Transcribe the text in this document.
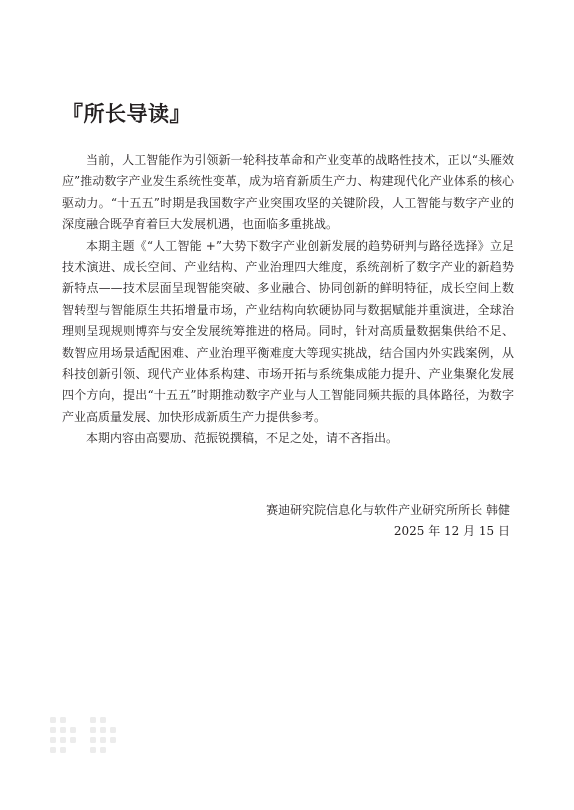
『所长导读』

当前，人工智能作为引领新一轮科技革命和产业变革的战略性技术，正以“头雁效应”推动数字产业发生系统性变革，成为培育新质生产力、构建现代化产业体系的核心驱动力。“十五五”时期是我国数字产业突围攻坚的关键阶段，人工智能与数字产业的深度融合既孕育着巨大发展机遇，也面临多重挑战。

本期主题《“人工智能 +”大势下数字产业创新发展的趋势研判与路径选择》立足技术演进、成长空间、产业结构、产业治理四大维度，系统剖析了数字产业的新趋势新特点——技术层面呈现智能突破、多业融合、协同创新的鲜明特征，成长空间上数智转型与智能原生共拓增量市场，产业结构向软硬协同与数据赋能并重演进，全球治理则呈现规则博弈与安全发展统筹推进的格局。同时，针对高质量数据集供给不足、数智应用场景适配困难、产业治理平衡难度大等现实挑战，结合国内外实践案例，从科技创新引领、现代产业体系构建、市场开拓与系统集成能力提升、产业集聚化发展四个方向，提出“十五五”时期推动数字产业与人工智能同频共振的具体路径，为数字产业高质量发展、加快形成新质生产力提供参考。

本期内容由高婴劢、范振锐撰稿，不足之处，请不吝指出。

赛迪研究院信息化与软件产业研究所所长 韩健
2025 年 12 月 15 日
